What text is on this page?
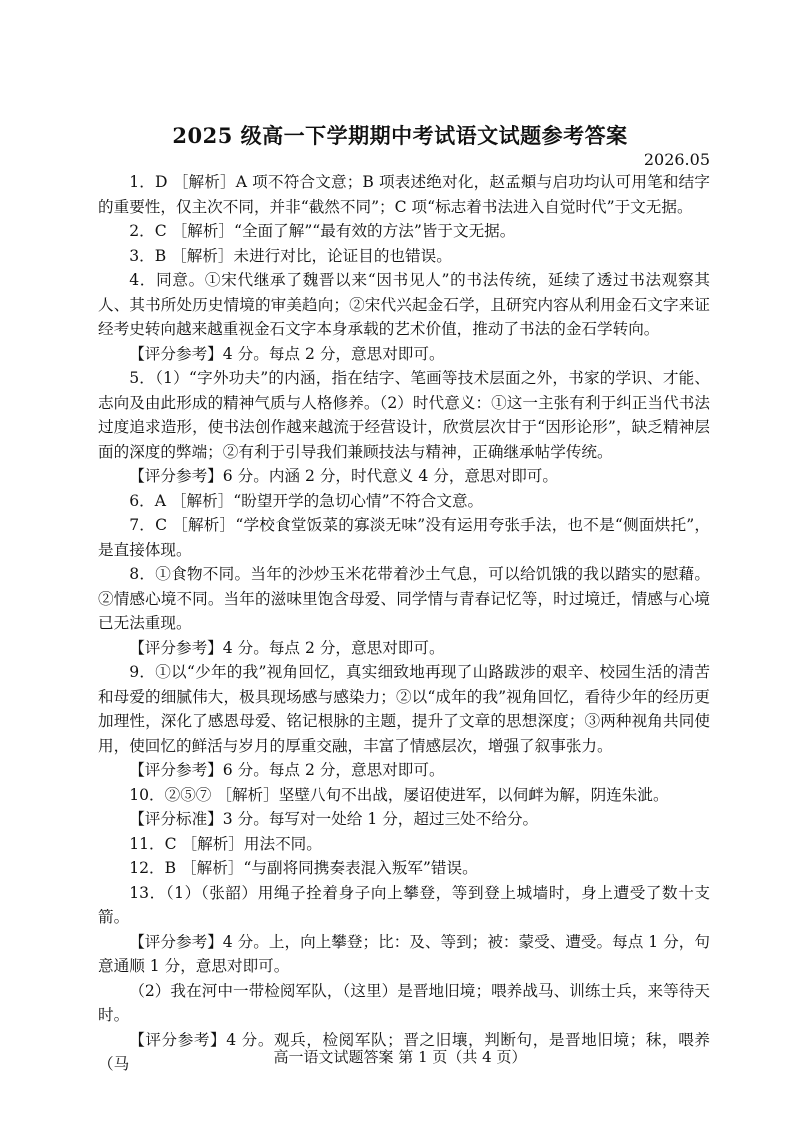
2025 级高一下学期期中考试语文试题参考答案
2026.05

1．D ［解析］A 项不符合文意；B 项表述绝对化，赵孟頫与启功均认可用笔和结字的重要性，仅主次不同，并非“截然不同”；C 项“标志着书法进入自觉时代”于文无据。

2．C ［解析］“全面了解”“最有效的方法”皆于文无据。

3．B ［解析］未进行对比，论证目的也错误。

4．同意。①宋代继承了魏晋以来“因书见人”的书法传统，延续了透过书法观察其人、其书所处历史情境的审美趋向；②宋代兴起金石学，且研究内容从利用金石文字来证经考史转向越来越重视金石文字本身承载的艺术价值，推动了书法的金石学转向。

【评分参考】4 分。每点 2 分，意思对即可。

5．（1）“字外功夫”的内涵，指在结字、笔画等技术层面之外，书家的学识、才能、志向及由此形成的精神气质与人格修养。（2）时代意义：①这一主张有利于纠正当代书法过度追求造形，使书法创作越来越流于经营设计，欣赏层次甘于“因形论形”，缺乏精神层面的深度的弊端；②有利于引导我们兼顾技法与精神，正确继承帖学传统。

【评分参考】6 分。内涵 2 分，时代意义 4 分，意思对即可。

6．A ［解析］“盼望开学的急切心情”不符合文意。

7．C ［解析］“学校食堂饭菜的寡淡无味”没有运用夸张手法，也不是“侧面烘托”，是直接体现。

8．①食物不同。当年的沙炒玉米花带着沙土气息，可以给饥饿的我以踏实的慰藉。②情感心境不同。当年的滋味里饱含母爱、同学情与青春记忆等，时过境迁，情感与心境已无法重现。

【评分参考】4 分。每点 2 分，意思对即可。

9．①以“少年的我”视角回忆，真实细致地再现了山路跋涉的艰辛、校园生活的清苦和母爱的细腻伟大，极具现场感与感染力；②以“成年的我”视角回忆，看待少年的经历更加理性，深化了感恩母爱、铭记根脉的主题，提升了文章的思想深度；③两种视角共同使用，使回忆的鲜活与岁月的厚重交融，丰富了情感层次，增强了叙事张力。

【评分参考】6 分。每点 2 分，意思对即可。

10．②⑤⑦ ［解析］坚壁八旬不出战，屡诏使进军，以伺衅为解，阴连朱泚。

【评分标准】3 分。每写对一处给 1 分，超过三处不给分。

11．C ［解析］用法不同。

12．B ［解析］“与副将同携奏表混入叛军”错误。

13．（1）（张韶）用绳子拴着身子向上攀登，等到登上城墙时，身上遭受了数十支箭。

【评分参考】4 分。上，向上攀登；比：及、等到；被：蒙受、遭受。每点 1 分，句意通顺 1 分，意思对即可。

（2）我在河中一带检阅军队，（这里）是晋地旧境；喂养战马、训练士兵，来等待天时。

【评分参考】4 分。观兵，检阅军队；晋之旧壤，判断句，是晋地旧境；秣，喂养（马	高一语文试题答案 第 1 页（共 4 页）
